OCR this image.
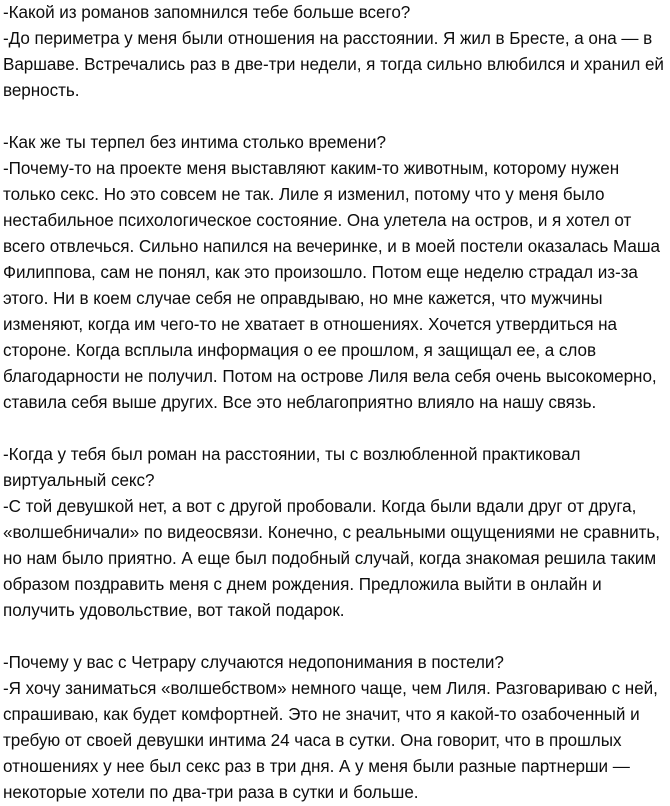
-Какой из романов запомнился тебе больше всего?

-До периметра у меня были отношения на расстоянии. Я жил в Бресте, а она — в Варшаве. Встречались раз в две-три недели, я тогда сильно влюбился и хранил ей верность.

-Как же ты терпел без интима столько времени?

-Почему-то на проекте меня выставляют каким-то животным, которому нужен только секс. Но это совсем не так. Лиле я изменил, потому что у меня было нестабильное психологическое состояние. Она улетела на остров, и я хотел от всего отвлечься. Сильно напился на вечеринке, и в моей постели оказалась Маша Филиппова, сам не понял, как это произошло. Потом еще неделю страдал из-за этого. Ни в коем случае себя не оправдываю, но мне кажется, что мужчины изменяют, когда им чего-то не хватает в отношениях. Хочется утвердиться на стороне. Когда всплыла информация о ее прошлом, я защищал ее, а слов благодарности не получил. Потом на острове Лиля вела себя очень высокомерно, ставила себя выше других. Все это неблагоприятно влияло на нашу связь.

-Когда у тебя был роман на расстоянии, ты с возлюбленной практиковал виртуальный секс?

-С той девушкой нет, а вот с другой пробовали. Когда были вдали друг от друга, «волшебничали» по видеосвязи. Конечно, с реальными ощущениями не сравнить, но нам было приятно. А еще был подобный случай, когда знакомая решила таким образом поздравить меня с днем рождения. Предложила выйти в онлайн и получить удовольствие, вот такой подарок.

-Почему у вас с Четрару случаются недопонимания в постели?

-Я хочу заниматься «волшебством» немного чаще, чем Лиля. Разговариваю с ней, спрашиваю, как будет комфортней. Это не значит, что я какой-то озабоченный и требую от своей девушки интима 24 часа в сутки. Она говорит, что в прошлых отношениях у нее был секс раз в три дня. А у меня были разные партнерши — некоторые хотели по два-три раза в сутки и больше.
